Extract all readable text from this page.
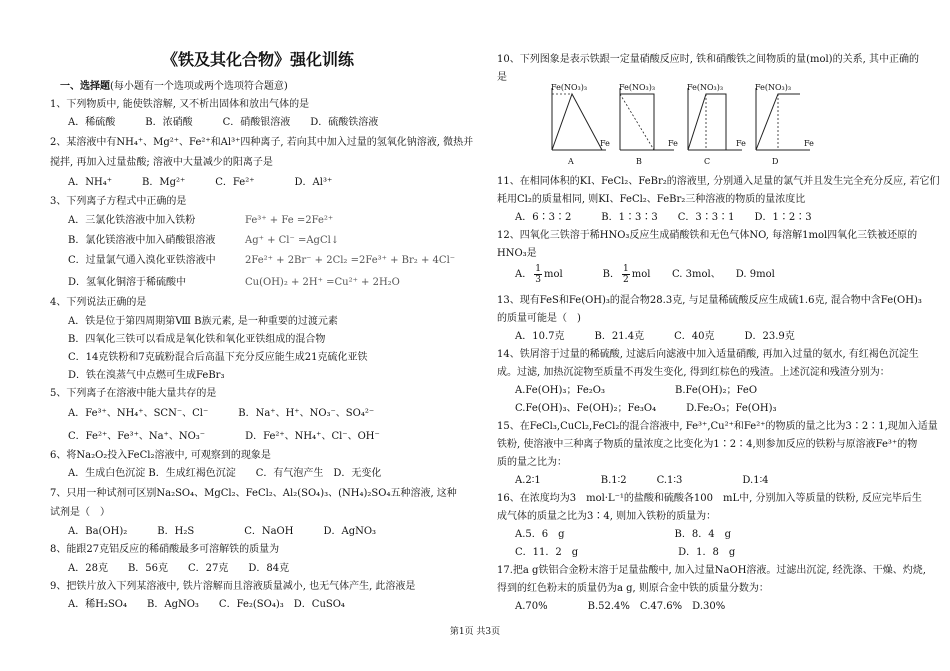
《铁及其化合物》强化训练
一、选择题(每小题有一个选项或两个选项符合题意)
1、下列物质中, 能使铁溶解, 又不析出固体和放出气体的是
A．稀硫酸　　　B．浓硝酸　　　C．硝酸银溶液　　D．硫酸铁溶液
2、某溶液中有NH₄⁺、Mg²⁺、Fe²⁺和Al³⁺四种离子, 若向其中加入过量的氢氧化钠溶液, 微热并
搅拌, 再加入过量盐酸; 溶液中大量减少的阳离子是
A．NH₄⁺　　　B．Mg²⁺　　　C．Fe²⁺　　　　D．Al³⁺
3、下列离子方程式中正确的是
A．三氯化铁溶液中加入铁粉	Fe³⁺ + Fe =2Fe²⁺
B．氯化镁溶液中加入硝酸银溶液	Ag⁺ + Cl⁻ =AgCl↓
C．过量氯气通入溴化亚铁溶液中	2Fe²⁺ + 2Br⁻ + 2Cl₂ =2Fe³⁺ + Br₂ + 4Cl⁻
D．氢氧化铜溶于稀硫酸中	Cu(OH)₂ + 2H⁺ =Cu²⁺ + 2H₂O
4、下列说法正确的是
A．铁是位于第四周期第Ⅷ B族元素, 是一种重要的过渡元素
B．四氧化三铁可以看成是氧化铁和氧化亚铁组成的混合物
C．14克铁粉和7克硫粉混合后高温下充分反应能生成21克硫化亚铁
D．铁在溴蒸气中点燃可生成FeBr₃
5、下列离子在溶液中能大量共存的是
A．Fe³⁺、NH₄⁺、SCN⁻、Cl⁻　　　B．Na⁺、H⁺、NO₃⁻、SO₄²⁻
C．Fe²⁺、Fe³⁺、Na⁺、NO₃⁻　　　　D．Fe²⁺、NH₄⁺、Cl⁻、OH⁻
6、将Na₂O₂投入FeCl₂溶液中, 可观察到的现象是
A．生成白色沉淀 B．生成红褐色沉淀　　C．有气泡产生　D．无变化
7、只用一种试剂可区别Na₂SO₄、MgCl₂、FeCl₂、Al₂(SO₄)₃、(NH₄)₂SO₄五种溶液, 这种
试剂是（　）
A．Ba(OH)₂　　　B．H₂S　　　　　C．NaOH　　　D．AgNO₃
8、能跟27克铝反应的稀硝酸最多可溶解铁的质量为
A．28克　　B．56克　　C．27克　　D．84克
9、把铁片放入下列某溶液中, 铁片溶解而且溶液质量减小, 也无气体产生, 此溶液是
A．稀H₂SO₄　　B．AgNO₃　　C．Fe₂(SO₄)₃　D．CuSO₄
10、下列图象是表示铁跟一定量硝酸反应时, 铁和硝酸铁之间物质的量(mol)的关系, 其中正确的
是
Fe(NO₃)₃
Fe
A
Fe(NO₃)₃
Fe
B
Fe(NO₃)₃
Fe
C
Fe(NO₃)₃
Fe
D
11、在相同体积的KI、FeCl₂、FeBr₂的溶液里, 分别通入足量的氯气并且发生完全充分反应, 若它们
耗用Cl₂的质量相同, 则KI、FeCl₂、FeBr₂三种溶液的物质的量浓度比
A．6∶3∶2　　　B．1∶3∶3　　C．3∶3∶1　　D．1∶2∶3
12、四氧化三铁溶于稀HNO₃反应生成硝酸铁和无色气体NO, 每溶解1mol四氧化三铁被还原的
HNO₃是
A． $\frac{1}{3}$ mol	B． $\frac{1}{2}$ mol C. 3mol、　　D. 9mol
13、现有FeS和Fe(OH)₃的混合物28.3克, 与足量稀硫酸反应生成硫1.6克, 混合物中含Fe(OH)₃
的质量可能是（　)
A．10.7克　　　B．21.4克　　　C．40克　　　D．23.9克
14、铁屑溶于过量的稀硫酸, 过滤后向滤液中加入适量硝酸, 再加入过量的氨水, 有红褐色沉淀生
成。过滤, 加热沉淀物至质量不再发生变化, 得到红棕色的残渣。上述沉淀和残渣分别为：
A.Fe(OH)₃；Fe₂O₃　　　　　　　B.Fe(OH)₂；FeO
C.Fe(OH)₃、Fe(OH)₂；Fe₃O₄　　　D.Fe₂O₃；Fe(OH)₃
15、在FeCl₃,CuCl₂,FeCl₂的混合溶液中, Fe³⁺,Cu²⁺和Fe²⁺的物质的量之比为3∶2∶1,现加入适量
铁粉, 使溶液中三种离子物质的量浓度之比变化为1∶2∶4,则参加反应的铁粉与原溶液Fe³⁺的物
质的量之比为：
A.2∶1　　　　　　B.1∶2　　　C.1∶3　　　　　　D.1∶4
16、在浓度均为3　mol·L⁻¹的盐酸和硫酸各100　mL中, 分别加入等质量的铁粉, 反应完毕后生
成气体的质量之比为3∶4, 则加入铁粉的质量为：
A.5．6　g　　　　　　　　　　　B．8．4　g
C．11．2　g　　　　　　　　　　D．1．8　g
17.把a g铁铝合金粉末溶于足量盐酸中, 加入过量NaOH溶液。过滤出沉淀, 经洗涤、干燥、灼烧,
得到的红色粉末的质量仍为a g, 则原合金中铁的质量分数为：
A.70%　　　　B.52.4%　C.47.6%　D.30%
第1页 共3页
